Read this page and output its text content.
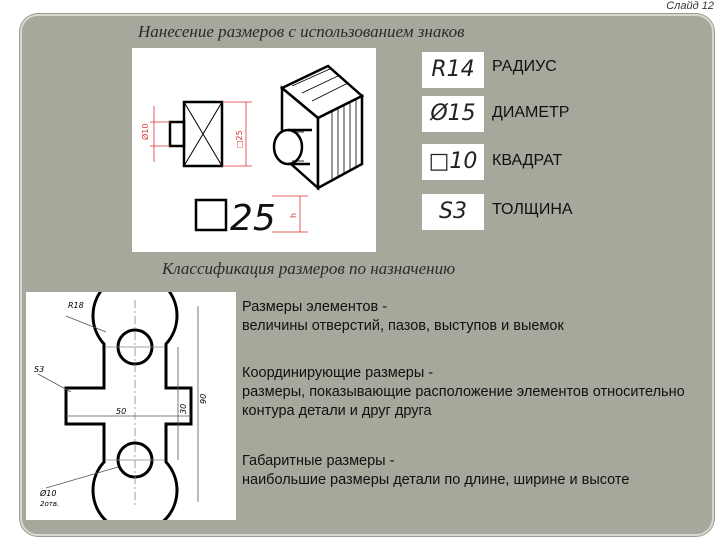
Слайд 12
Нанесение размеров с использованием знаков
Ø10	□25
25 h
R14	РАДИУС
Ø15	ДИАМЕТР
□10 КВАДРАТ
S3	ТОЛЩИНА
Классификация размеров по назначению
R18
S3
50	30
90
Ø10
2отв.
Размеры элементов -
величины отверстий, пазов, выступов и выемок
Координирующие размеры -
размеры, показывающие расположение элементов относительно контура детали и друг друга
Габаритные размеры -
наибольшие размеры детали по длине, ширине и высоте
